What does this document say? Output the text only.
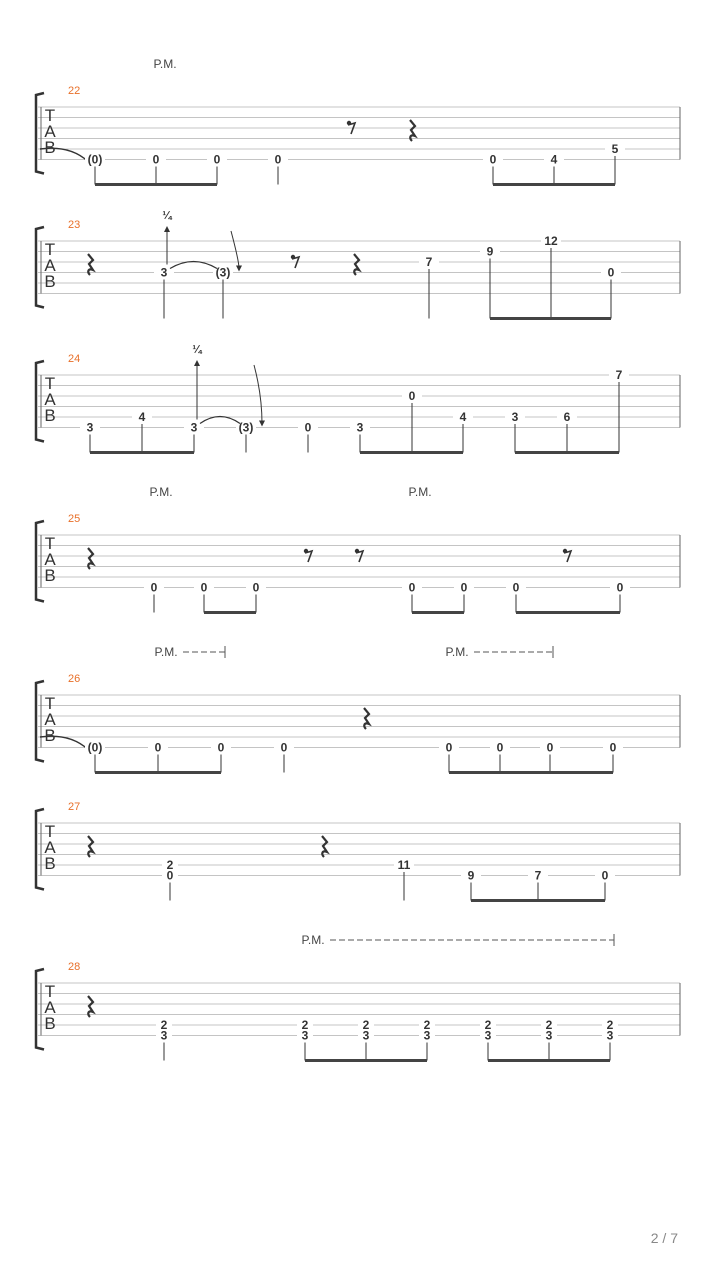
T
A
B
22
P.M.
(0)	0	0	0	0	4
5
T
A
B
23
3	(3)
7
9
12
0
¼
T
A
B
24
3
4
3	(3)	0	3
0
4	3	6
7
¼
T
A
B
25
P.M.	P.M.
0	0	0	0	0	0	0
T
A
B
26
P.M.	P.M.
(0)	0	0	0	0	0	0	0
T
A
B
27
11
9	7	0
2
0
T
A
B
28
P.M.
2
3
2
3
2
3
2
3
2
3
2
3
2
3
2 / 7
